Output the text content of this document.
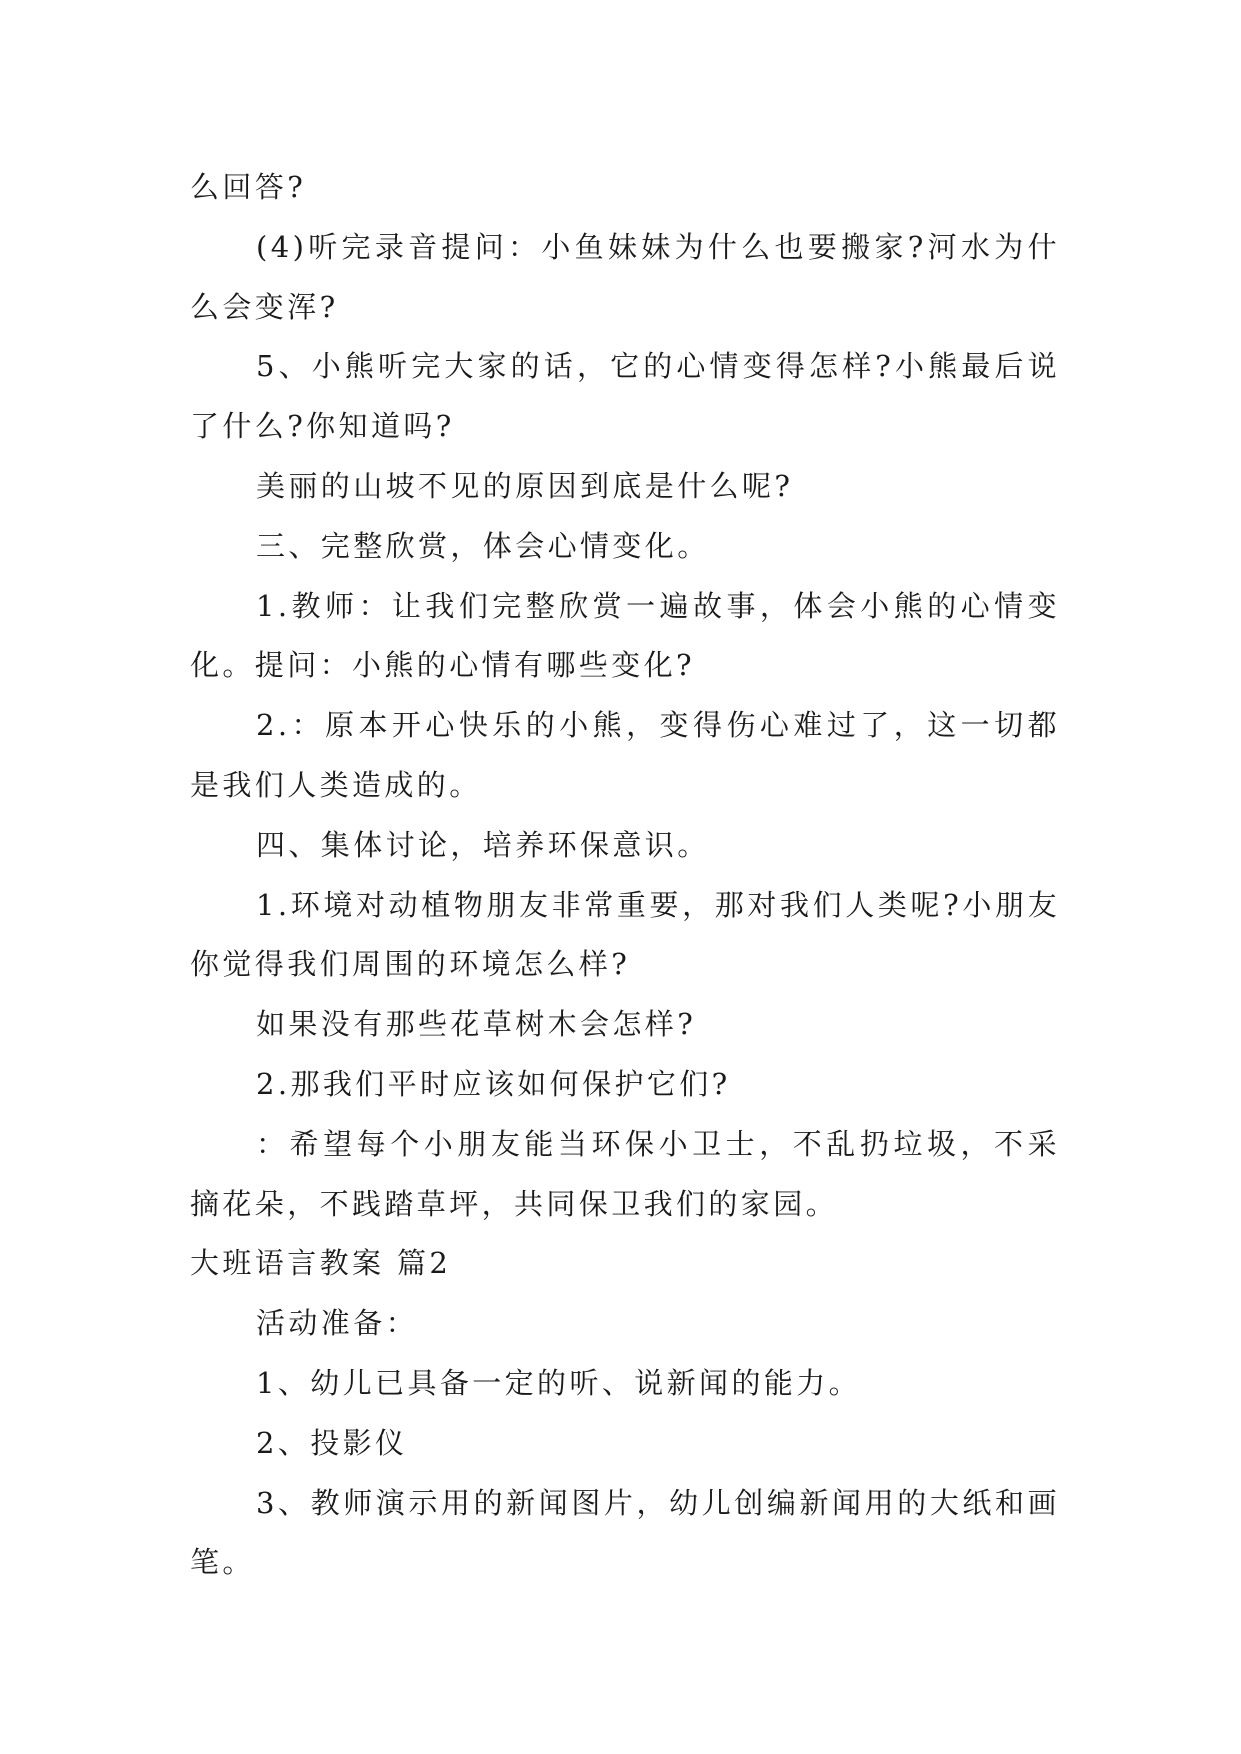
么回答?

(4)听完录音提问：小鱼妹妹为什么也要搬家?河水为什么会变浑?

5、小熊听完大家的话，它的心情变得怎样?小熊最后说了什么?你知道吗?

美丽的山坡不见的原因到底是什么呢?

三、完整欣赏，体会心情变化。

1.教师：让我们完整欣赏一遍故事，体会小熊的心情变化。提问：小熊的心情有哪些变化?

2.：原本开心快乐的小熊，变得伤心难过了，这一切都是我们人类造成的。

四、集体讨论，培养环保意识。

1.环境对动植物朋友非常重要，那对我们人类呢?小朋友你觉得我们周围的环境怎么样?

如果没有那些花草树木会怎样?

2.那我们平时应该如何保护它们?

：希望每个小朋友能当环保小卫士，不乱扔垃圾，不采摘花朵，不践踏草坪，共同保卫我们的家园。

大班语言教案 篇2

活动准备：

1、幼儿已具备一定的听、说新闻的能力。

2、投影仪

3、教师演示用的新闻图片，幼儿创编新闻用的大纸和画笔。
